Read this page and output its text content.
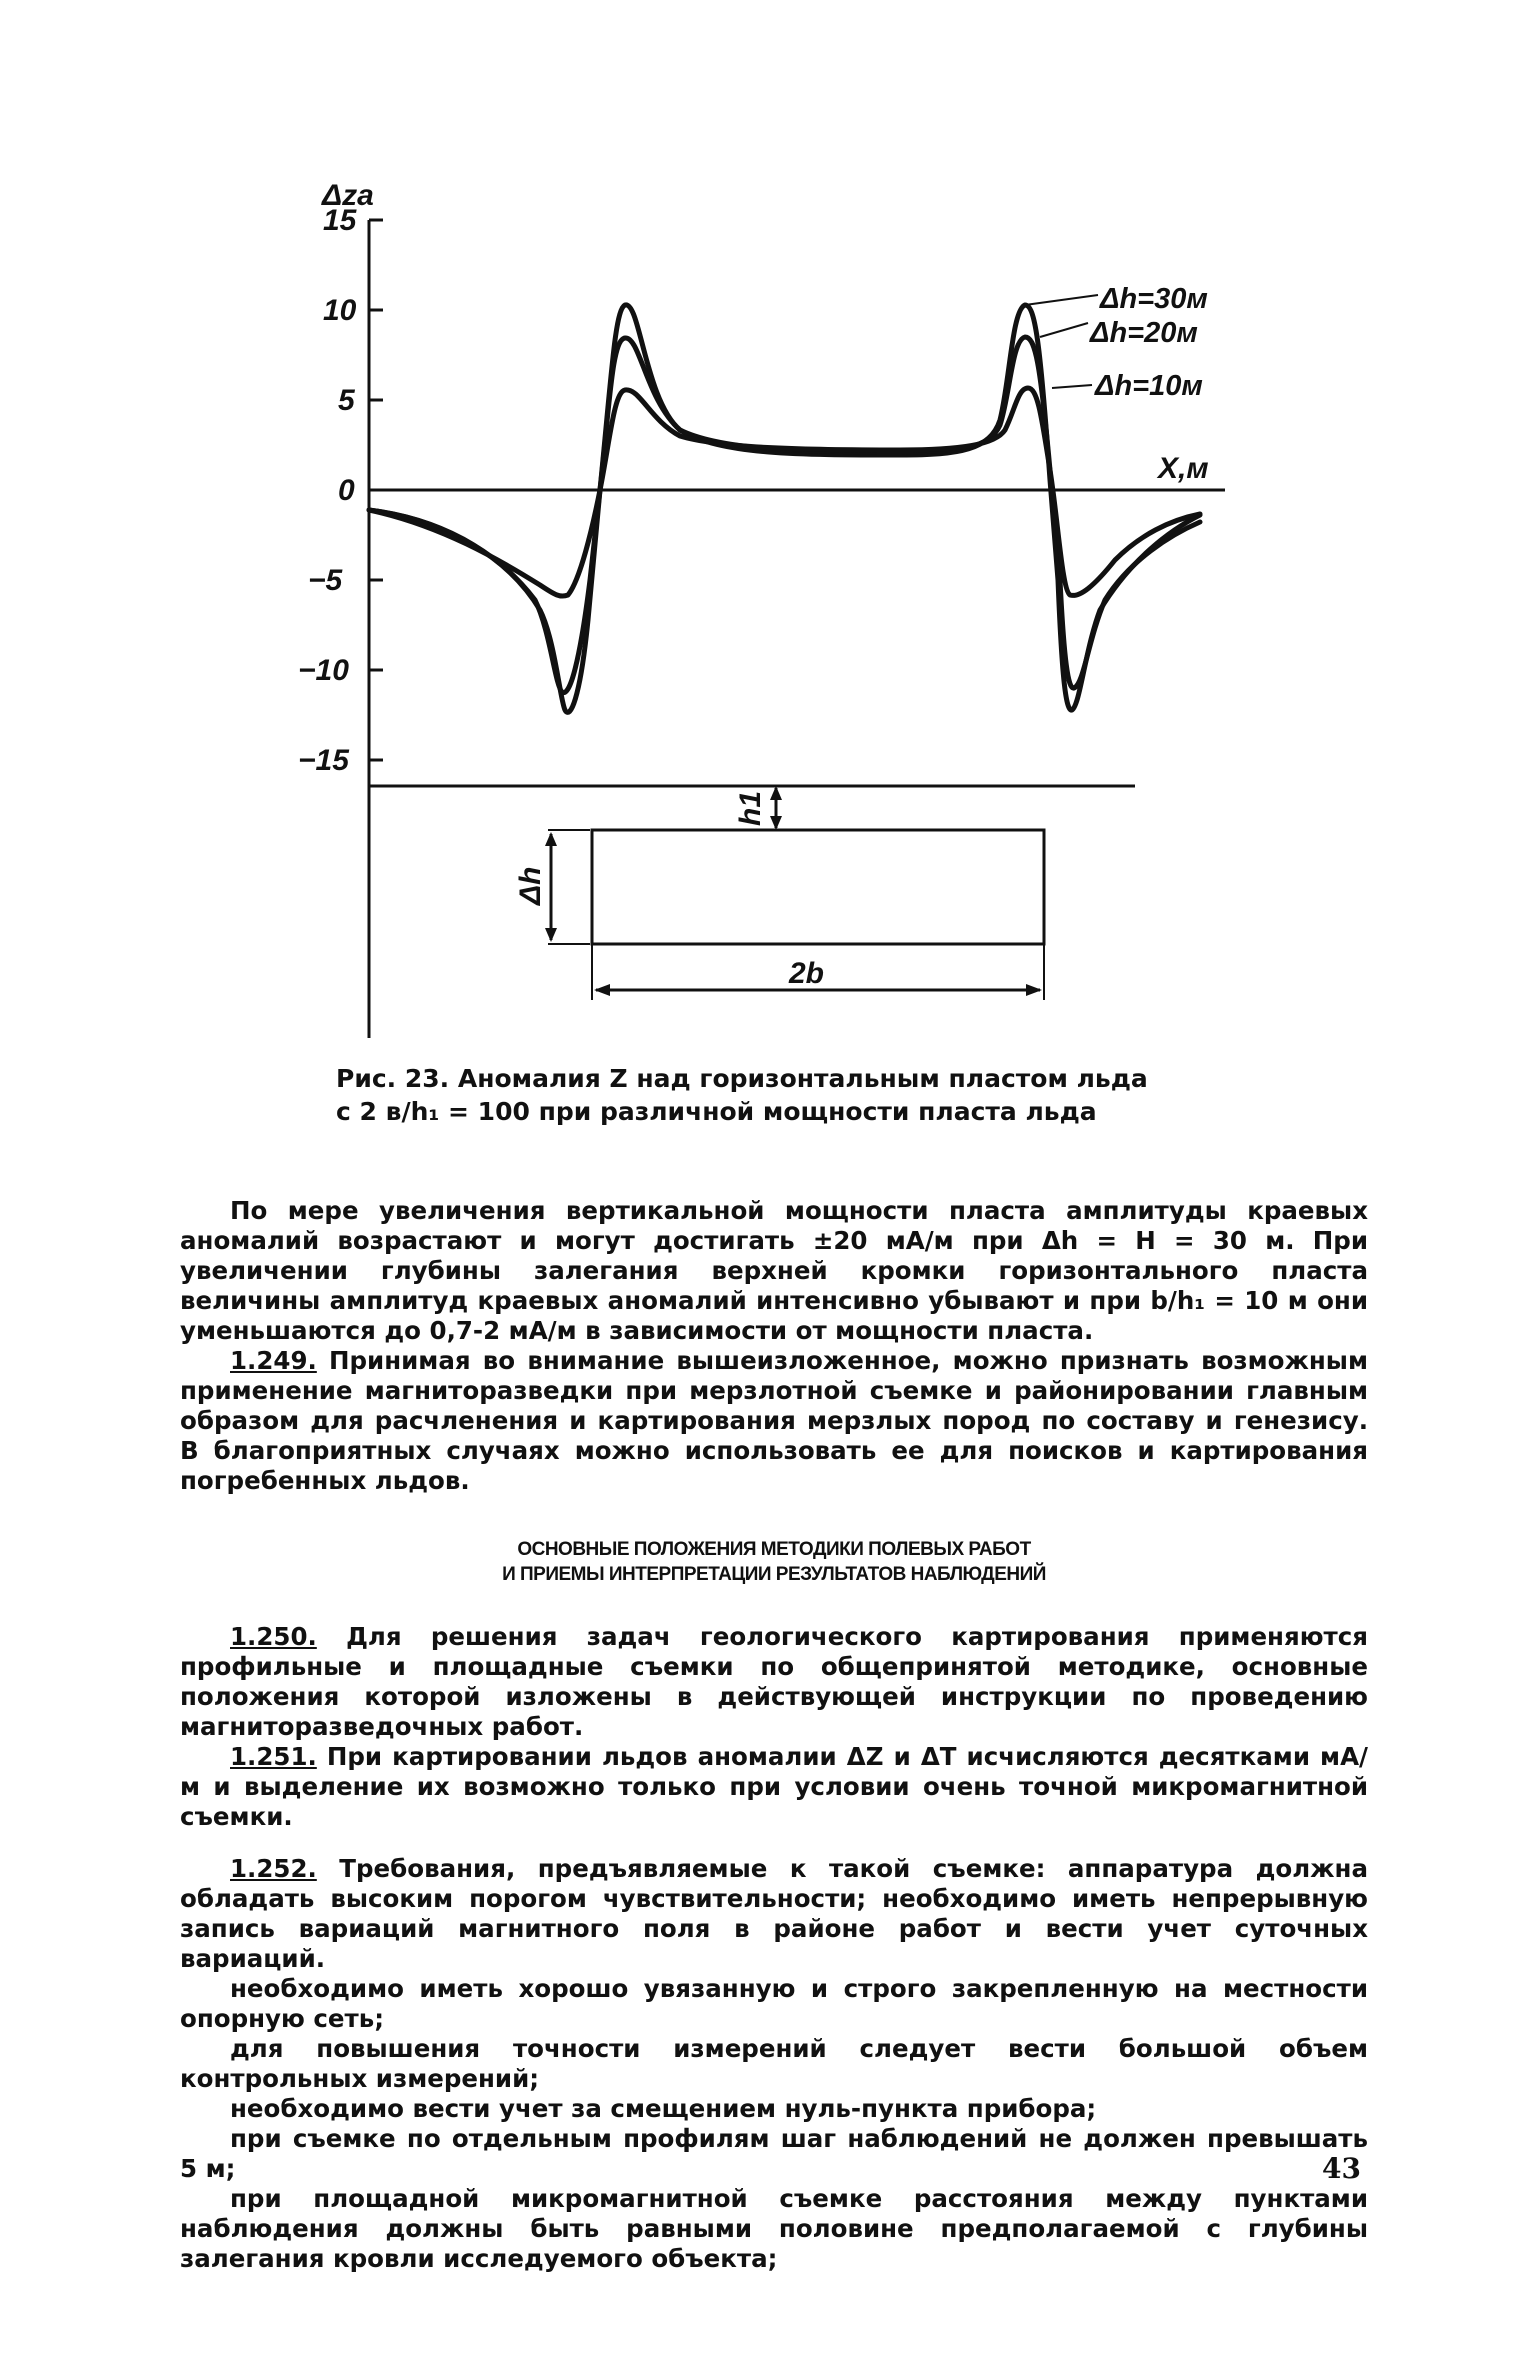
Δza
15
10
5
0
−5
−10
−15
X,м
Δh=30м
Δh=20м
Δh=10м
h1
Δh
2b
Рис. 23. Аномалия Z над горизонтальным пластом льда
с 2 в/h₁ = 100 при различной мощности пласта льда

По мере увеличения вертикальной мощности пласта амплитуды краевых аномалий возрастают и могут достигать ±20 мА/м при Δh = H = 30 м. При увеличении глубины залегания верхней кромки горизонтального пласта величины амплитуд краевых аномалий интенсивно убывают и при b/h₁ = 10 м они уменьшаются до 0,7-2 мА/м в зависимости от мощности пласта.

1.249. Принимая во внимание вышеизложенное, можно признать возможным применение магниторазведки при мерзлотной съемке и районировании главным образом для расчленения и картирования мерзлых пород по составу и генезису. В благоприятных случаях можно использовать ее для поисков и картирования погребенных льдов.

ОСНОВНЫЕ ПОЛОЖЕНИЯ МЕТОДИКИ ПОЛЕВЫХ РАБОТ
И ПРИЕМЫ ИНТЕРПРЕТАЦИИ РЕЗУЛЬТАТОВ НАБЛЮДЕНИЙ

1.250. Для решения задач геологического картирования применяются профильные и площадные съемки по общепринятой методике, основные положения которой изложены в действующей инструкции по проведению магниторазведочных работ.

1.251. При картировании льдов аномалии ΔZ и ΔT исчисляются десятками мА/м и выделение их возможно только при условии очень точной микромагнитной съемки.

1.252. Требования, предъявляемые к такой съемке: аппаратура должна обладать высоким порогом чувствительности; необходимо иметь непрерывную запись вариаций магнитного поля в районе работ и вести учет суточных вариаций.

необходимо иметь хорошо увязанную и строго закрепленную на местности опорную сеть;

для повышения точности измерений следует вести большой объем контрольных измерений;

необходимо вести учет за смещением нуль-пункта прибора;

при съемке по отдельным профилям шаг наблюдений не должен превышать 5 м;

при площадной микромагнитной съемке расстояния между пунктами наблюдения должны быть равными половине предполагаемой с глубины залегания кровли исследуемого объекта;

43
